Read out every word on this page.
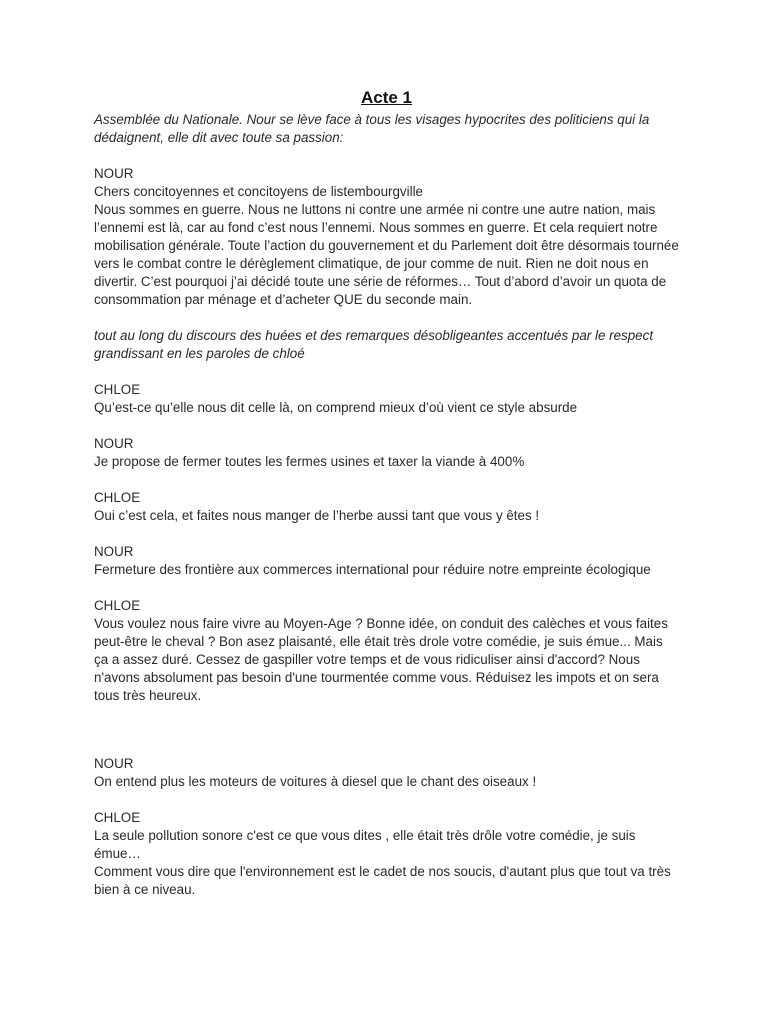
Acte 1

Assemblée du Nationale. Nour se lève face à tous les visages hypocrites des politiciens qui la dédaignent, elle dit avec toute sa passion:

NOUR

Chers concitoyennes et concitoyens de listembourgville

Nous sommes en guerre. Nous ne luttons ni contre une armée ni contre une autre nation, mais l’ennemi est là, car au fond c’est nous l’ennemi. Nous sommes en guerre. Et cela requiert notre mobilisation générale. Toute l’action du gouvernement et du Parlement doit être désormais tournée vers le combat contre le dérèglement climatique, de jour comme de nuit. Rien ne doit nous en divertir. C’est pourquoi j’ai décidé toute une série de réformes… Tout d’abord d’avoir un quota de consommation par ménage et d’acheter QUE du seconde main.

tout au long du discours des huées et des remarques désobligeantes accentués par le respect grandissant en les paroles de chloé

CHLOE

Qu’est-ce qu’elle nous dit celle là, on comprend mieux d’où vient ce style absurde

NOUR

Je propose de fermer toutes les fermes usines et taxer la viande à 400%

CHLOE

Oui c’est cela, et faites nous manger de l’herbe aussi tant que vous y êtes !

NOUR

Fermeture des frontière aux commerces international pour réduire notre empreinte écologique

CHLOE

Vous voulez nous faire vivre au Moyen-Age ? Bonne idée, on conduit des calèches et vous faites peut-être le cheval ? Bon asez plaisanté, elle était très drole votre comédie, je suis émue... Mais ça a assez duré. Cessez de gaspiller votre temps et de vous ridiculiser ainsi d'accord? Nous n'avons absolument pas besoin d'une tourmentée comme vous. Réduisez les impots et on sera tous très heureux.

NOUR

On entend plus les moteurs de voitures à diesel que le chant des oiseaux !

CHLOE

La seule pollution sonore c'est ce que vous dites , elle était très drôle votre comédie, je suis émue…

Comment vous dire que l'environnement est le cadet de nos soucis, d'autant plus que tout va très bien à ce niveau.
